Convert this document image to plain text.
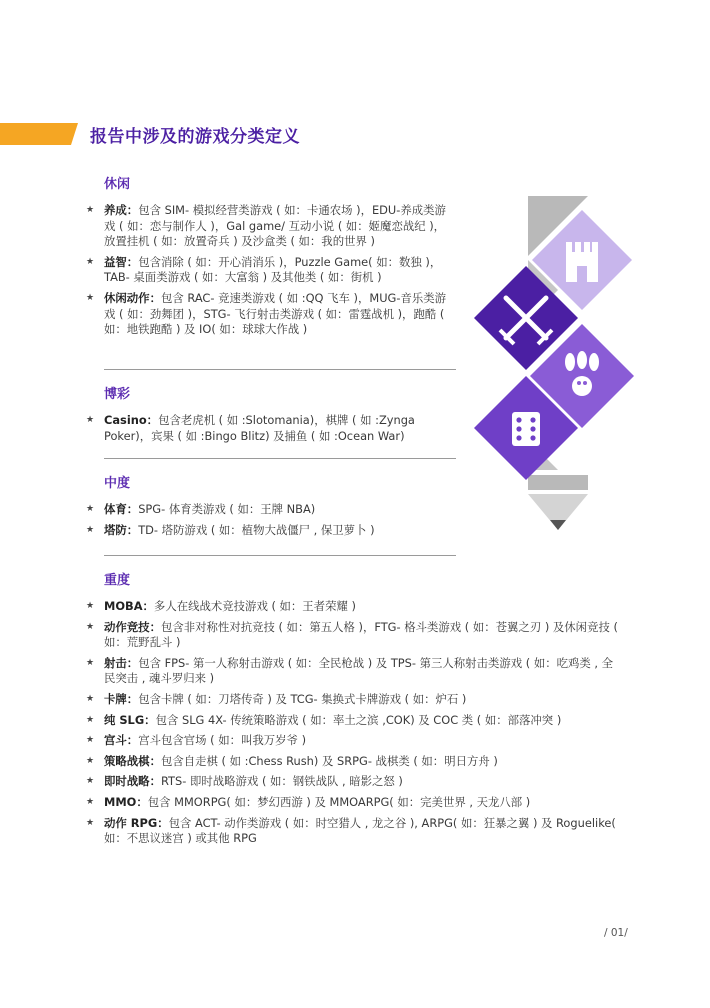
报告中涉及的游戏分类定义
休闲
★ 养成：包含 SIM- 模拟经营类游戏 ( 如：卡通农场 )，EDU-养成类游戏 ( 如：恋与制作人 )，Gal game/ 互动小说 ( 如：姬魔恋战纪 )，放置挂机 ( 如：放置奇兵 ) 及沙盒类 ( 如：我的世界 )
★ 益智：包含消除 ( 如：开心消消乐 )，Puzzle Game( 如：数独 )，TAB- 桌面类游戏 ( 如：大富翁 ) 及其他类 ( 如：街机 )
★ 休闲动作：包含 RAC- 竞速类游戏 ( 如 :QQ 飞车 )，MUG-音乐类游戏 ( 如：劲舞团 )，STG- 飞行射击类游戏 ( 如：雷霆战机 )，跑酷 ( 如：地铁跑酷 ) 及 IO( 如：球球大作战 )
博彩
★ Casino：包含老虎机 ( 如 :Slotomania)，棋牌 ( 如 :Zynga Poker)，宾果 ( 如 :Bingo Blitz) 及捕鱼 ( 如 :Ocean War)
中度
★ 体育：SPG- 体育类游戏 ( 如：王牌 NBA)
★ 塔防：TD- 塔防游戏 ( 如：植物大战僵尸 , 保卫萝卜 )
重度
★ MOBA：多人在线战术竞技游戏 ( 如：王者荣耀 )
★ 动作竞技：包含非对称性对抗竞技 ( 如：第五人格 )，FTG- 格斗类游戏 ( 如：苍翼之刃 ) 及休闲竞技 ( 如：荒野乱斗 )
★ 射击：包含 FPS- 第一人称射击游戏 ( 如：全民枪战 ) 及 TPS- 第三人称射击类游戏 ( 如：吃鸡类 , 全民突击 , 魂斗罗归来 )
★ 卡牌：包含卡牌 ( 如：刀塔传奇 ) 及 TCG- 集换式卡牌游戏 ( 如：炉石 )
★ 纯 SLG：包含 SLG 4X- 传统策略游戏 ( 如：率土之滨 ,COK) 及 COC 类 ( 如：部落冲突 )
★ 宫斗：宫斗包含官场 ( 如：叫我万岁爷 )
★ 策略战棋：包含自走棋 ( 如 :Chess Rush) 及 SRPG- 战棋类 ( 如：明日方舟 )
★ 即时战略：RTS- 即时战略游戏 ( 如：钢铁战队 , 暗影之怒 )
★ MMO：包含 MMORPG( 如：梦幻西游 ) 及 MMOARPG( 如：完美世界 , 天龙八部 )
★ 动作 RPG：包含 ACT- 动作类游戏 ( 如：时空猎人 , 龙之谷 ), ARPG( 如：狂暴之翼 ) 及 Roguelike( 如：不思议迷宫 ) 或其他 RPG
/ 01/
